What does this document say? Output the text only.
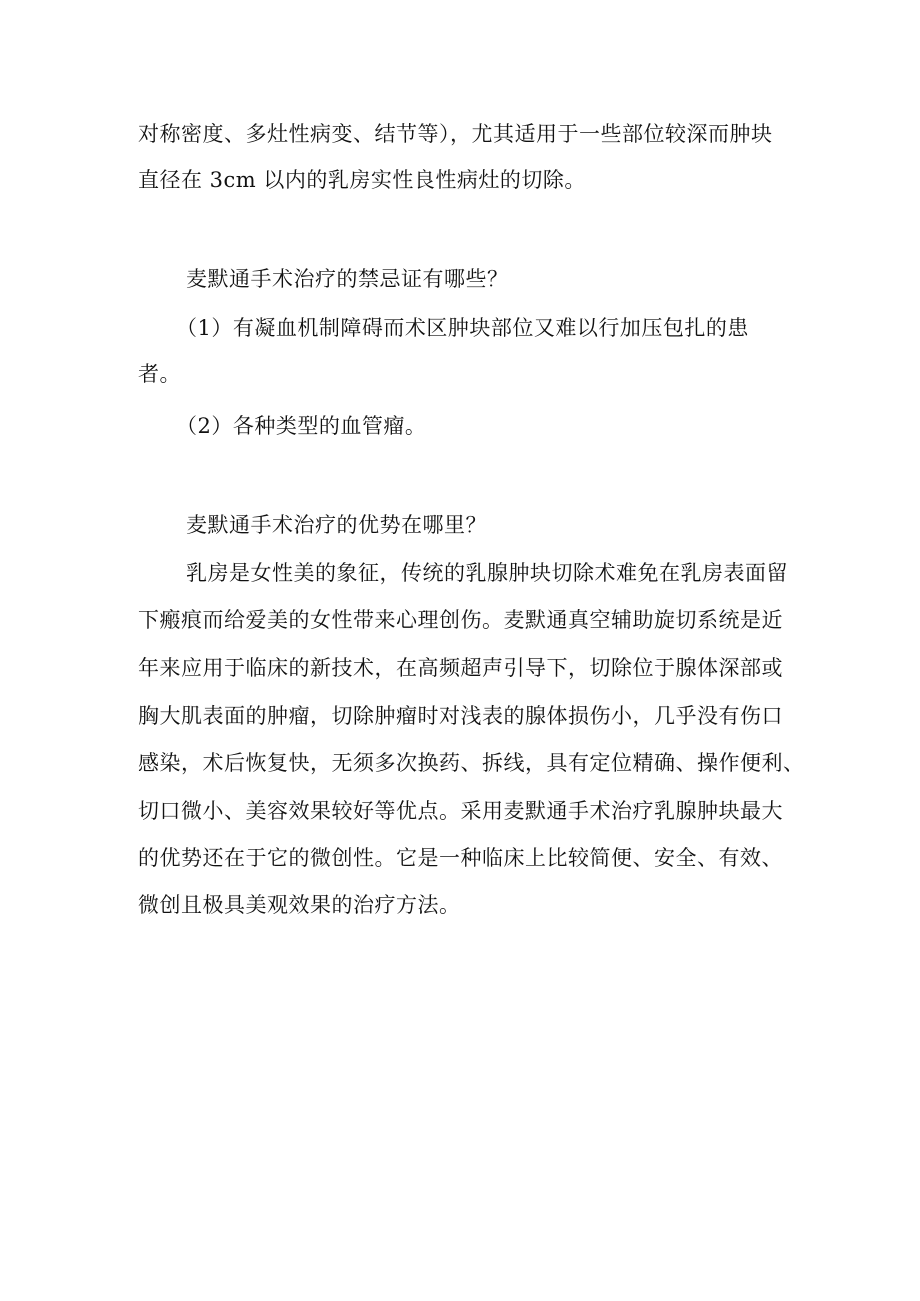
对称密度、多灶性病变、结节等），尤其适用于一些部位较深而肿块
直径在 3cm 以内的乳房实性良性病灶的切除。
麦默通手术治疗的禁忌证有哪些？
（1）有凝血机制障碍而术区肿块部位又难以行加压包扎的患
者。
（2）各种类型的血管瘤。
麦默通手术治疗的优势在哪里？
乳房是女性美的象征，传统的乳腺肿块切除术难免在乳房表面留
下瘢痕而给爱美的女性带来心理创伤。麦默通真空辅助旋切系统是近
年来应用于临床的新技术，在高频超声引导下，切除位于腺体深部或
胸大肌表面的肿瘤，切除肿瘤时对浅表的腺体损伤小，几乎没有伤口
感染，术后恢复快，无须多次换药、拆线，具有定位精确、操作便利、
切口微小、美容效果较好等优点。采用麦默通手术治疗乳腺肿块最大
的优势还在于它的微创性。它是一种临床上比较简便、安全、有效、
微创且极具美观效果的治疗方法。
